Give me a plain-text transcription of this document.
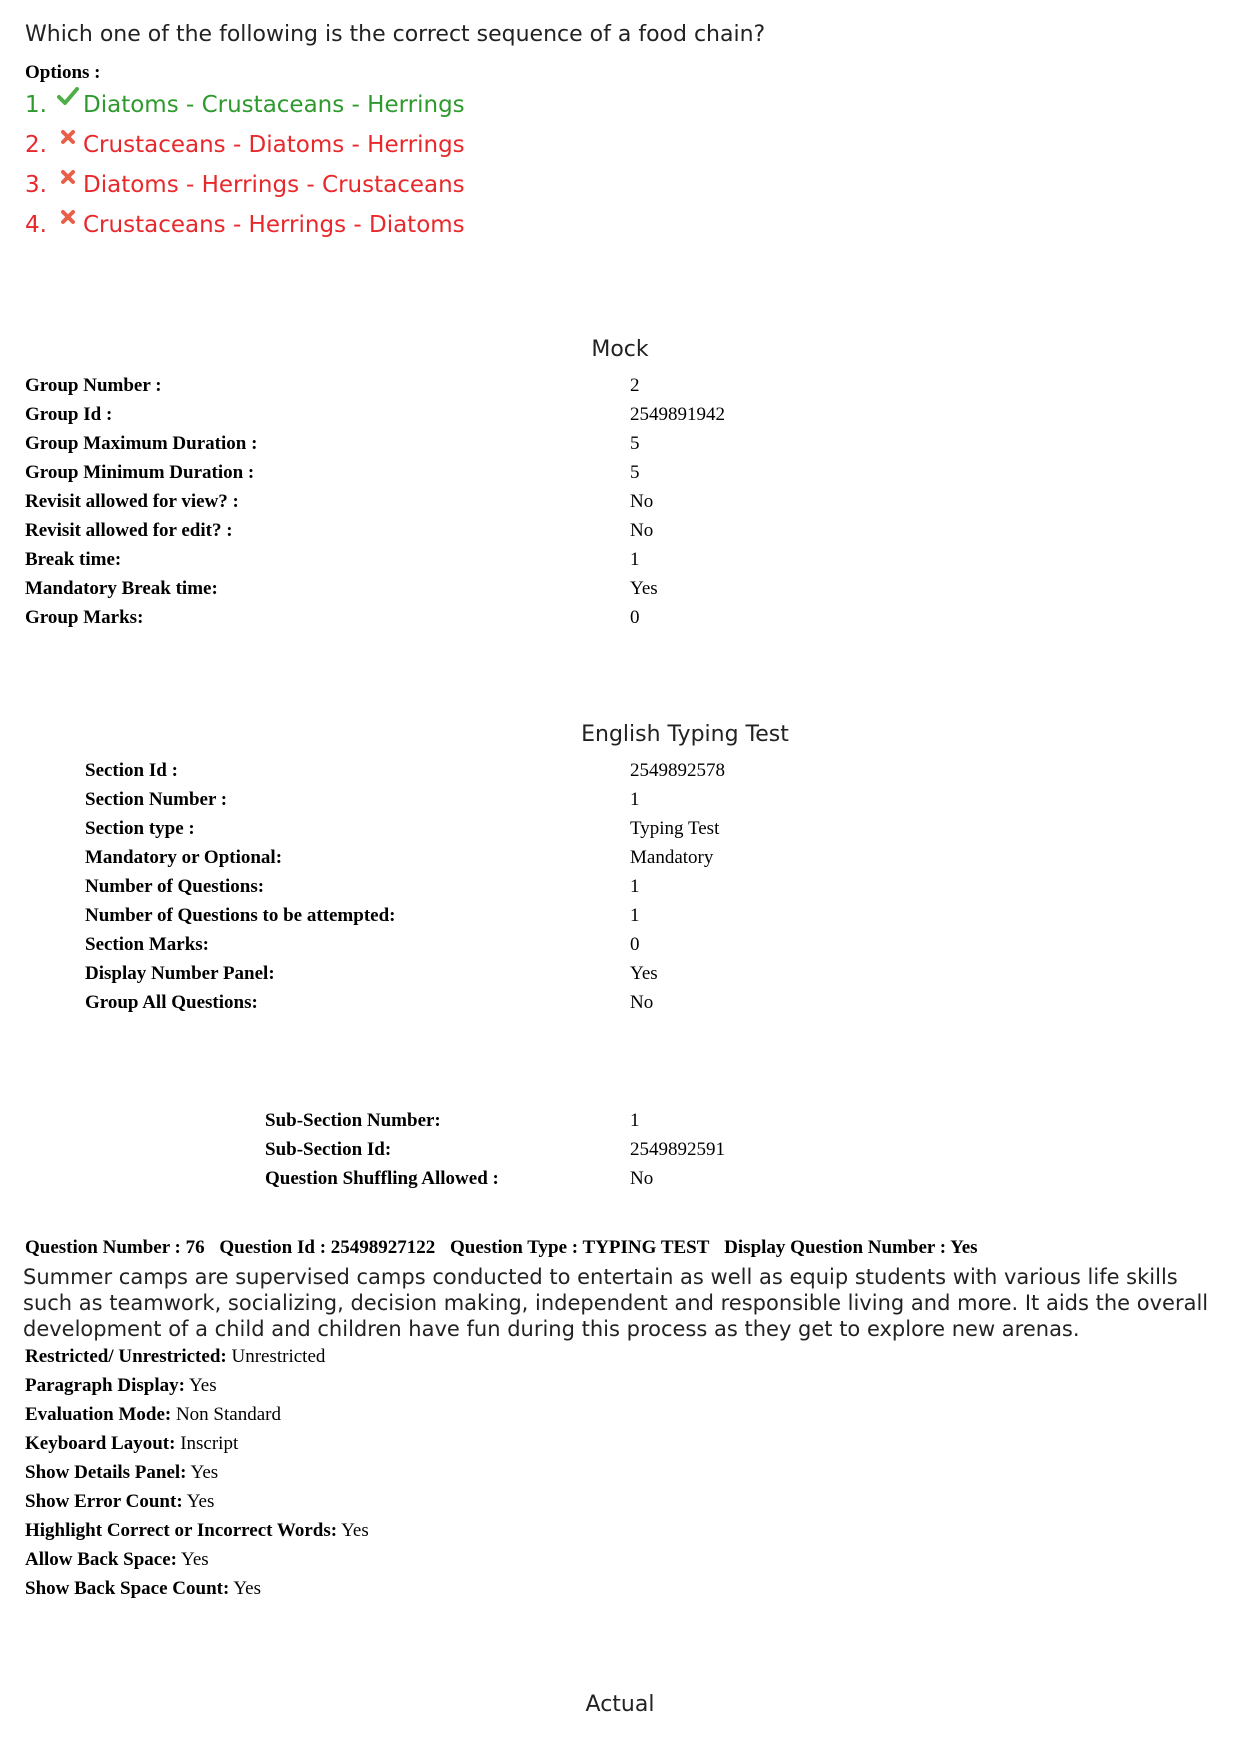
Which one of the following is the correct sequence of a food chain?
Options :
1. Diatoms - Crustaceans - Herrings
2. Crustaceans - Diatoms - Herrings
3. Diatoms - Herrings - Crustaceans
4. Crustaceans - Herrings - Diatoms
Mock
Group Number :	2
Group Id :	2549891942
Group Maximum Duration :	5
Group Minimum Duration :	5
Revisit allowed for view? :	No
Revisit allowed for edit? :	No
Break time:	1
Mandatory Break time:	Yes
Group Marks:	0
English Typing Test
Section Id :	2549892578
Section Number :	1
Section type :	Typing Test
Mandatory or Optional:	Mandatory
Number of Questions:	1
Number of Questions to be attempted:	1
Section Marks:	0
Display Number Panel:	Yes
Group All Questions:	No
Sub-Section Number:	1
Sub-Section Id:	2549892591
Question Shuffling Allowed :	No
Question Number : 76 Question Id : 25498927122 Question Type : TYPING TEST Display Question Number : Yes
Summer camps are supervised camps conducted to entertain as well as equip students with various life skills such as teamwork, socializing, decision making, independent and responsible living and more. It aids the overall development of a child and children have fun during this process as they get to explore new arenas.
Restricted/ Unrestricted: Unrestricted
Paragraph Display: Yes
Evaluation Mode: Non Standard
Keyboard Layout: Inscript
Show Details Panel: Yes
Show Error Count: Yes
Highlight Correct or Incorrect Words: Yes
Allow Back Space: Yes
Show Back Space Count: Yes
Actual
